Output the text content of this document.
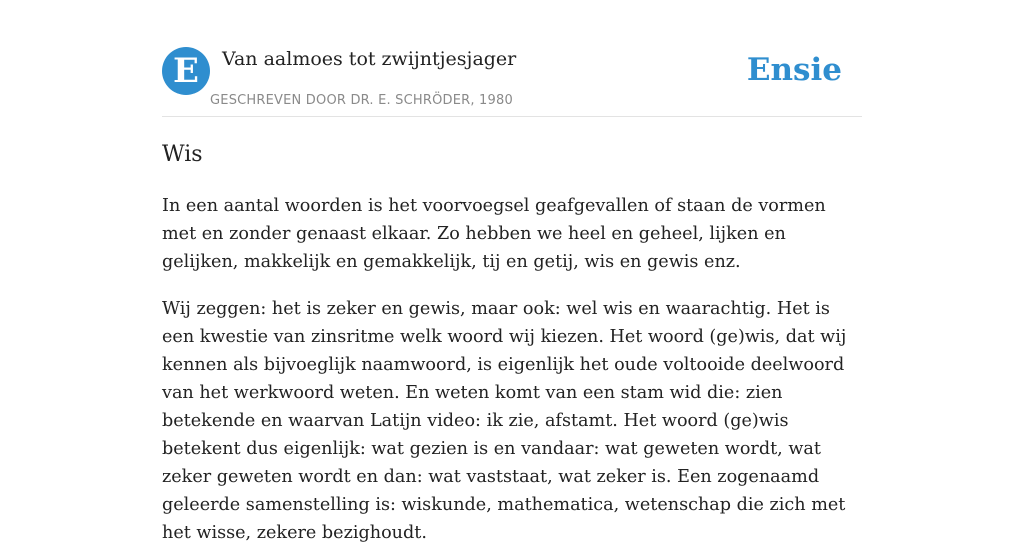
E	Van aalmoes tot zwijntjesjager
GESCHREVEN DOOR DR. E. SCHRÖDER, 1980
Ensie
Wis

In een aantal woorden is het voorvoegsel geafgevallen of staan de vormen met en zonder genaast elkaar. Zo hebben we heel en geheel, lijken en gelijken, makkelijk en gemakkelijk, tij en getij, wis en gewis enz.

Wij zeggen: het is zeker en gewis, maar ook: wel wis en waarachtig. Het is een kwestie van zinsritme welk woord wij kiezen. Het woord (ge)wis, dat wij kennen als bijvoeglijk naamwoord, is eigenlijk het oude voltooide deelwoord van het werkwoord weten. En weten komt van een stam wid die: zien betekende en waarvan Latijn video: ik zie, afstamt. Het woord (ge)wis betekent dus eigenlijk: wat gezien is en vandaar: wat geweten wordt, wat zeker geweten wordt en dan: wat vaststaat, wat zeker is. Een zogenaamd geleerde samenstelling is: wiskunde, mathematica, wetenschap die zich met het wisse, zekere bezighoudt.
